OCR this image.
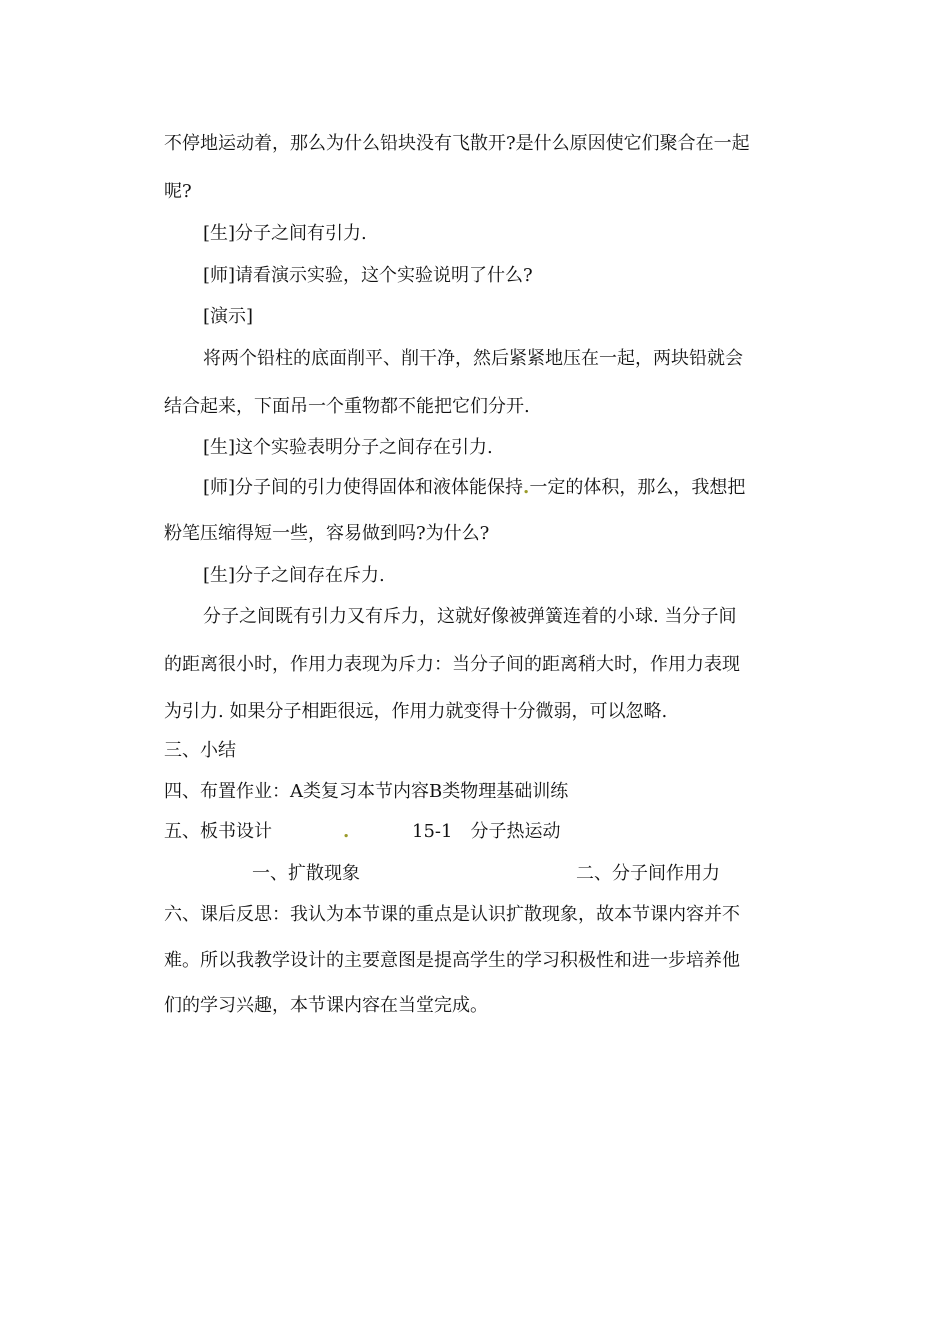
不停地运动着，那么为什么铅块没有飞散开?是什么原因使它们聚合在一起

呢?

[生]分子之间有引力.

[师]请看演示实验，这个实验说明了什么?

[演示]

将两个铅柱的底面削平、削干净，然后紧紧地压在一起，两块铅就会

结合起来，下面吊一个重物都不能把它们分开.

[生]这个实验表明分子之间存在引力.

[师]分子间的引力使得固体和液体能保持.一定的体积，那么，我想把

粉笔压缩得短一些，容易做到吗?为什么?

[生]分子之间存在斥力.

分子之间既有引力又有斥力，这就好像被弹簧连着的小球. 当分子间

的距离很小时，作用力表现为斥力：当分子间的距离稍大时，作用力表现

为引力. 如果分子相距很远，作用力就变得十分微弱，可以忽略.

三、小结

四、布置作业：A类复习本节内容B类物理基础训练

五、板书设计	.	15-1　分子热运动

一、扩散现象	二、分子间作用力

六、课后反思：我认为本节课的重点是认识扩散现象，故本节课内容并不

难。所以我教学设计的主要意图是提高学生的学习积极性和进一步培养他

们的学习兴趣，本节课内容在当堂完成。
